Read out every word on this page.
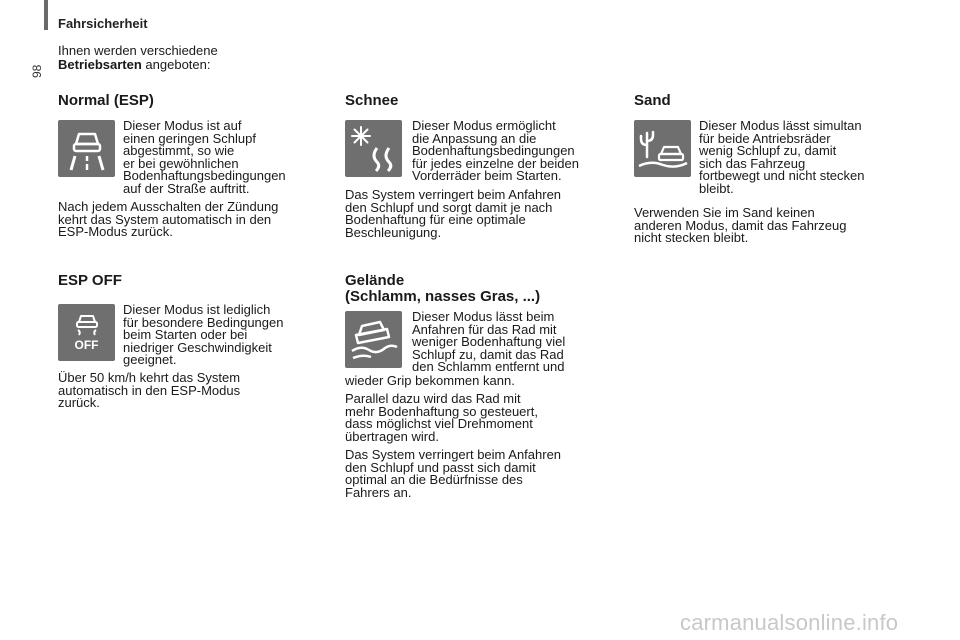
Fahrsicherheit
98
Ihnen werden verschiedene
Betriebsarten angeboten:
Normal (ESP)
Dieser Modus ist auf
einen geringen Schlupf
abgestimmt, so wie
er bei gewöhnlichen
Bodenhaftungsbedingungen
auf der Straße auftritt.
Nach jedem Ausschalten der Zündung
kehrt das System automatisch in den
ESP-Modus zurück.
ESP OFF
OFF
Dieser Modus ist lediglich
für besondere Bedingungen
beim Starten oder bei
niedriger Geschwindigkeit
geeignet.
Über 50 km/h kehrt das System
automatisch in den ESP-Modus
zurück.
Schnee
Dieser Modus ermöglicht
die Anpassung an die
Bodenhaftungsbedingungen
für jedes einzelne der beiden
Vorderräder beim Starten.
Das System verringert beim Anfahren
den Schlupf und sorgt damit je nach
Bodenhaftung für eine optimale
Beschleunigung.
Gelände
(Schlamm, nasses Gras, ...)
Dieser Modus lässt beim
Anfahren für das Rad mit
weniger Bodenhaftung viel
Schlupf zu, damit das Rad
den Schlamm entfernt und
wieder Grip bekommen kann.
Parallel dazu wird das Rad mit
mehr Bodenhaftung so gesteuert,
dass möglichst viel Drehmoment
übertragen wird.
Das System verringert beim Anfahren
den Schlupf und passt sich damit
optimal an die Bedürfnisse des
Fahrers an.
Sand
Dieser Modus lässt simultan
für beide Antriebsräder
wenig Schlupf zu, damit
sich das Fahrzeug
fortbewegt und nicht stecken
bleibt.
Verwenden Sie im Sand keinen
anderen Modus, damit das Fahrzeug
nicht stecken bleibt.
carmanualsonline.info
